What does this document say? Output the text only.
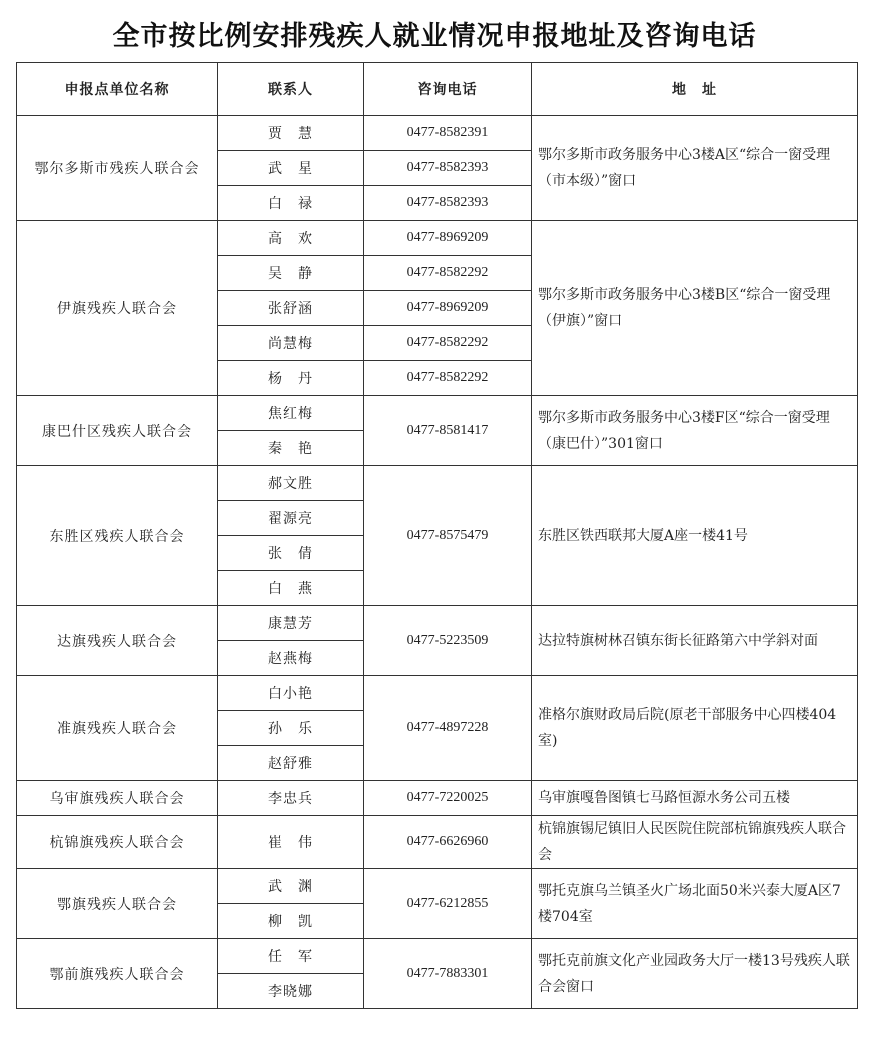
全市按比例安排残疾人就业情况申报地址及咨询电话
申报点单位名称	联系人	咨询电话	地　址
鄂尔多斯市残疾人联合会	贾　慧	0477-8582391	鄂尔多斯市政务服务中心3楼A区“综合一窗受理（市本级）”窗口
	武　星	0477-8582393	
	白　禄	0477-8582393	
伊旗残疾人联合会	高　欢	0477-8969209	鄂尔多斯市政务服务中心3楼B区“综合一窗受理（伊旗）”窗口
	吴　静	0477-8582292	
	张舒涵	0477-8969209	
	尚慧梅	0477-8582292	
	杨　丹	0477-8582292	
康巴什区残疾人联合会	焦红梅	0477-8581417	鄂尔多斯市政务服务中心3楼F区“综合一窗受理（康巴什）”301窗口
	秦　艳		
东胜区残疾人联合会	郝文胜	0477-8575479	东胜区铁西联邦大厦A座一楼41号
	翟源亮		
	张　倩		
	白　燕		
达旗残疾人联合会	康慧芳	0477-5223509	达拉特旗树林召镇东街长征路第六中学斜对面
	赵燕梅		
准旗残疾人联合会	白小艳	0477-4897228	准格尔旗财政局后院(原老干部服务中心四楼404室)
	孙　乐		
	赵舒雅		
乌审旗残疾人联合会	李忠兵	0477-7220025	乌审旗嘎鲁图镇七马路恒源水务公司五楼
杭锦旗残疾人联合会	崔　伟	0477-6626960	杭锦旗锡尼镇旧人民医院住院部杭锦旗残疾人联合会
鄂旗残疾人联合会	武　渊	0477-6212855	鄂托克旗乌兰镇圣火广场北面50米兴泰大厦A区7楼704室
	柳　凯		
鄂前旗残疾人联合会	任　军	0477-7883301	鄂托克前旗文化产业园政务大厅一楼13号残疾人联合会窗口
	李晓娜		
